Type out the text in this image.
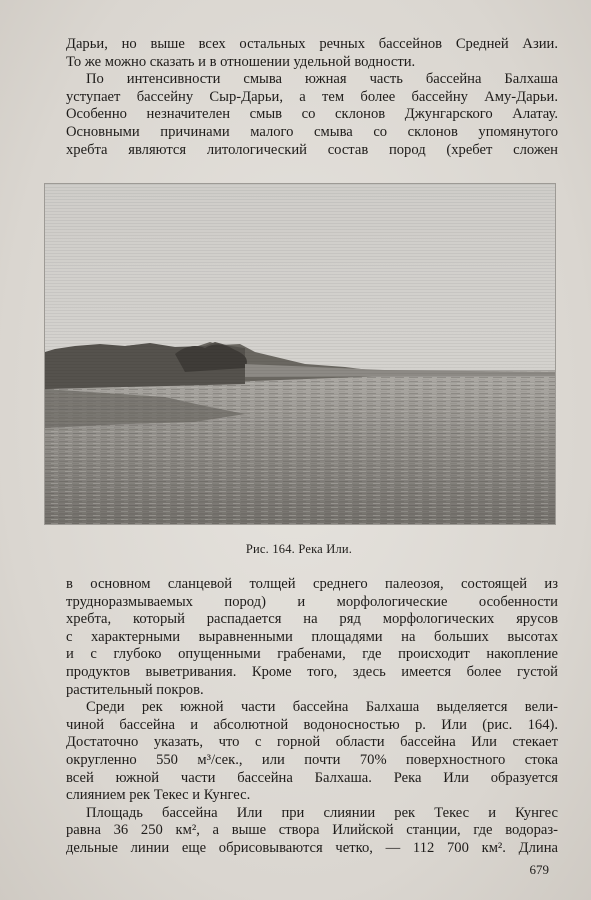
Дарьи, но выше всех остальных речных бассейнов Средней Азии.
То же можно сказать и в отношении удельной водности.

По интенсивности смыва южная часть бассейна Балхаша
уступает бассейну Сыр-Дарьи, а тем более бассейну Аму-Дарьи.
Особенно незначителен смыв со склонов Джунгарского Алатау.
Основными причинами малого смыва со склонов упомянутого
хребта являются литологический состав пород (хребет сложен

Рис. 164. Река Или.

в основном сланцевой толщей среднего палеозоя, состоящей из
трудноразмываемых пород) и морфологические особенности
хребта, который распадается на ряд морфологических ярусов
с характерными выравненными площадями на больших высотах
и с глубоко опущенными грабенами, где происходит накопление
продуктов выветривания. Кроме того, здесь имеется более густой
растительный покров.

Среди рек южной части бассейна Балхаша выделяется вели-
чиной бассейна и абсолютной водоносностью р. Или (рис. 164).
Достаточно указать, что с горной области бассейна Или стекает
округленно 550 м³/сек., или почти 70% поверхностного стока
всей южной части бассейна Балхаша. Река Или образуется
слиянием рек Текес и Кунгес.

Площадь бассейна Или при слиянии рек Текес и Кунгес
равна 36 250 км², а выше створа Илийской станции, где водораз-
дельные линии еще обрисовываются четко, — 112 700 км². Длина

679
